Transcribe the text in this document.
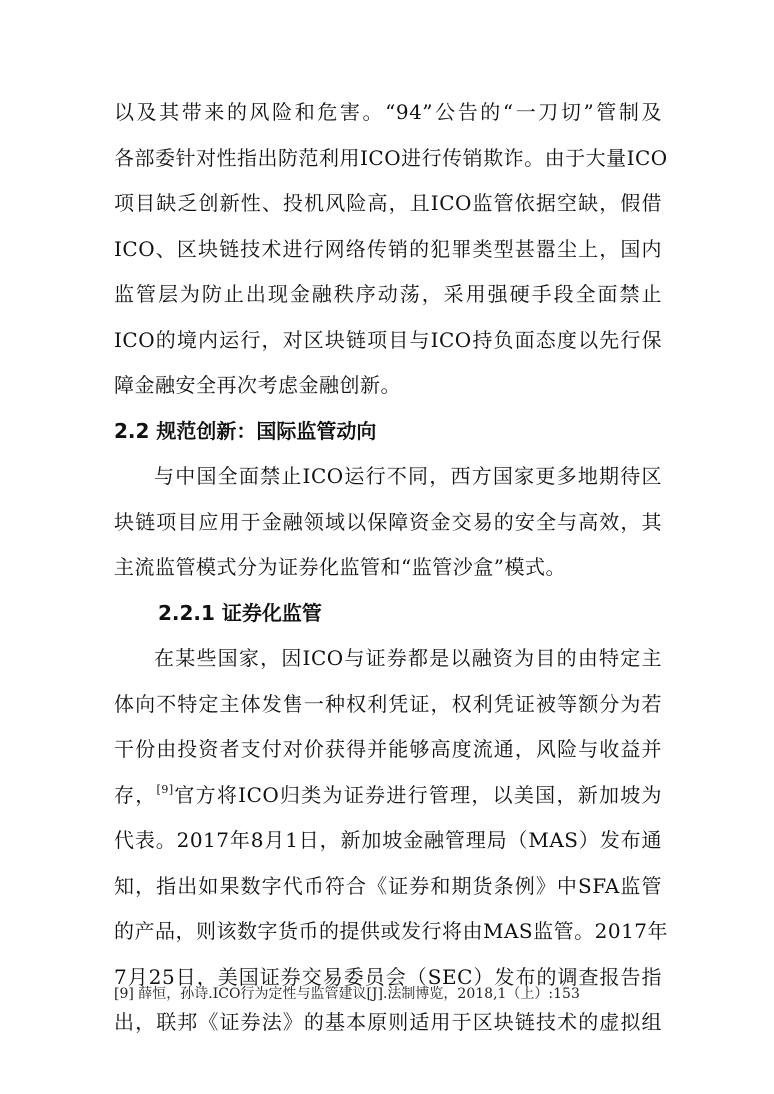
以及其带来的风险和危害。“94”公告的“一刀切”管制及
各部委针对性指出防范利用ICO进行传销欺诈。由于大量ICO
项目缺乏创新性、投机风险高，且ICO监管依据空缺，假借
ICO、区块链技术进行网络传销的犯罪类型甚嚣尘上，国内
监管层为防止出现金融秩序动荡，采用强硬手段全面禁止
ICO的境内运行，对区块链项目与ICO持负面态度以先行保
障金融安全再次考虑金融创新。
2.2 规范创新：国际监管动向
与中国全面禁止ICO运行不同，西方国家更多地期待区
块链项目应用于金融领域以保障资金交易的安全与高效，其
主流监管模式分为证券化监管和“监管沙盒”模式。
2.2.1 证券化监管
在某些国家，因ICO与证券都是以融资为目的由特定主
体向不特定主体发售一种权利凭证，权利凭证被等额分为若
干份由投资者支付对价获得并能够高度流通，风险与收益并
存，[9]官方将ICO归类为证券进行管理，以美国，新加坡为
代表。2017年8月1日，新加坡金融管理局（MAS）发布通
知，指出如果数字代币符合《证券和期货条例》中SFA监管
的产品，则该数字货币的提供或发行将由MAS监管。2017年
7月25日，美国证券交易委员会（SEC）发布的调查报告指
出，联邦《证券法》的基本原则适用于区块链技术的虚拟组
[9] 薛恒，孙诗.ICO行为定性与监管建议[J].法制博览，2018,1（上）:153
